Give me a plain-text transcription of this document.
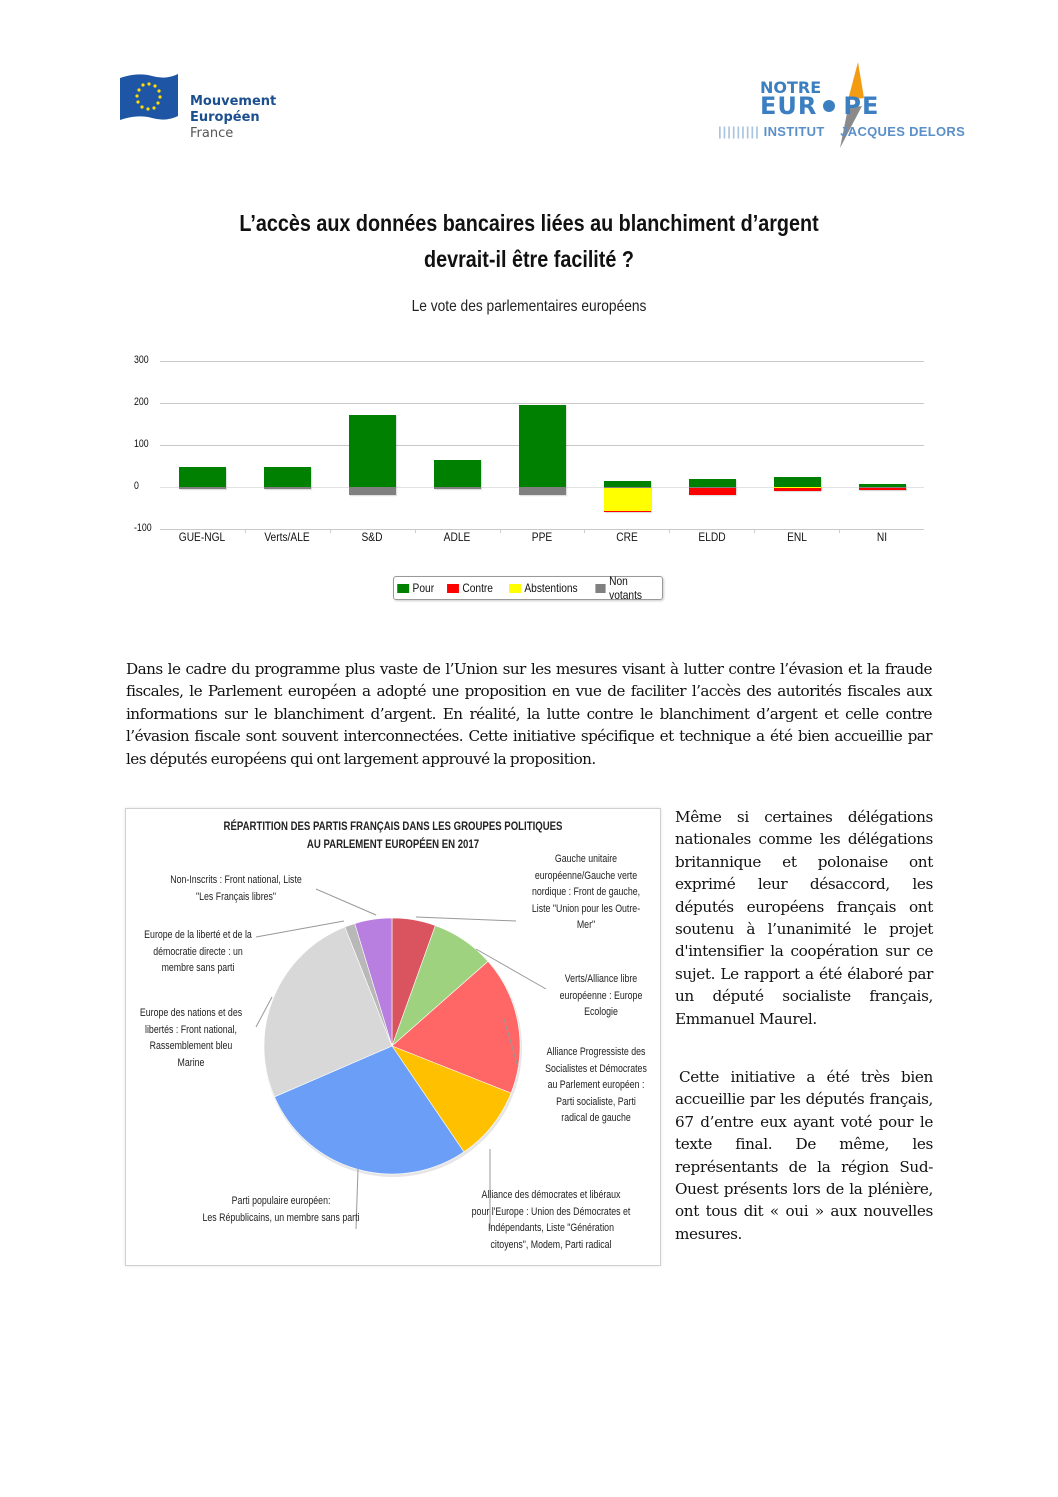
Mouvement
Européen
France
NOTRE
EUR PE
||||||||| INSTITUT JACQUES DELORS
L’accès aux données bancaires liées au blanchiment d’argent
devrait-il être facilité ?
Le vote des parlementaires européens
300
200
100
0
-100
GUE-NGL	Verts/ALE	S&D	ADLE	PPE	CRE	ELDD	ENL	NI
Pour Contre	Abstentions	Non votants
Dans le cadre du programme plus vaste de l’Union sur les mesures visant à lutter contre l’évasion et la fraude fiscales, le Parlement européen a adopté une proposition en vue de faciliter l’accès des autorités fiscales aux informations sur le blanchiment d’argent. En réalité, la lutte contre le blanchiment d’argent et celle contre l’évasion fiscale sont souvent interconnectées. Cette initiative spécifique et technique a été bien accueillie par les députés européens qui ont largement approuvé la proposition.
RÉPARTITION DES PARTIS FRANÇAIS DANS LES GROUPES POLITIQUES
AU PARLEMENT EUROPÉEN EN 2017
Gauche unitaire
européenne/Gauche verte
nordique : Front de gauche,
Liste "Union pour les Outre-
Mer"
Verts/Alliance libre
européenne : Europe
Ecologie
Alliance Progressiste des
Socialistes et Démocrates
au Parlement européen :
Parti socialiste, Parti
radical de gauche
Alliance des démocrates et libéraux
pour l'Europe : Union des Démocrates et
Indépendants, Liste "Génération
citoyens", Modem, Parti radical
Parti populaire européen:
Les Républicains, un membre sans parti
Europe des nations et des
libertés : Front national,
Rassemblement bleu
Marine
Europe de la liberté et de la
démocratie directe : un
membre sans parti
Non-Inscrits : Front national, Liste
"Les Français libres"
Même si certaines délégations nationales comme les délégations britannique et polonaise ont exprimé leur désaccord, les députés européens français ont soutenu à l’unanimité le projet d'intensifier la coopération sur ce sujet. Le rapport a été élaboré par un député socialiste français, Emmanuel Maurel.
Cette initiative a été très bien accueillie par les députés français, 67 d’entre eux ayant voté pour le texte final. De même, les représentants de la région Sud-Ouest présents lors de la plénière, ont tous dit « oui » aux nouvelles mesures.
